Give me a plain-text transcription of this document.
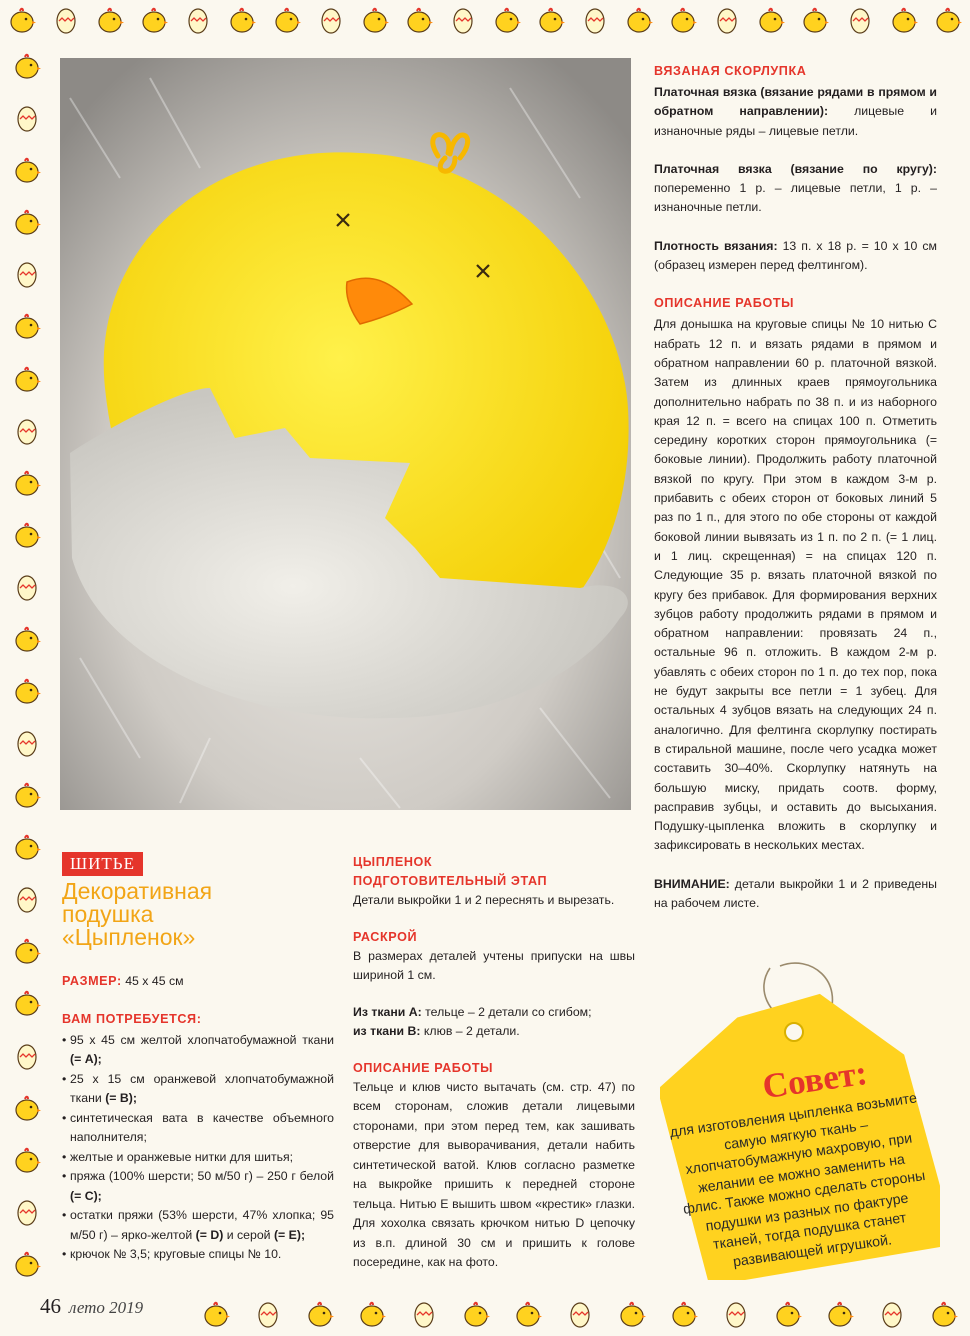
ВЯЗАНАЯ СКОРЛУПКА

Платочная вязка (вязание рядами в прямом и обратном направлении): лицевые и изнаночные ряды – лицевые петли.

Платочная вязка (вязание по кругу): попеременно 1 р. – лицевые петли, 1 р. – изнаночные петли.

Плотность вязания: 13 п. х 18 р. = 10 х 10 см (образец измерен перед фелтингом).

ОПИСАНИЕ РАБОТЫ

Для донышка на круговые спицы № 10 нитью С набрать 12 п. и вязать рядами в прямом и обратном направлении 60 р. платочной вязкой. Затем из длинных краев прямоугольника дополнительно набрать по 38 п. и из наборного края 12 п. = всего на спицах 100 п. Отметить середину коротких сторон прямоугольника (= боковые линии). Продолжить работу платочной вязкой по кругу. При этом в каждом 3-м р. прибавить с обеих сторон от боковых линий 5 раз по 1 п., для этого по обе стороны от каждой боковой линии вывязать из 1 п. по 2 п. (= 1 лиц. и 1 лиц. скрещенная) = на спицах 120 п. Следующие 35 р. вязать платочной вязкой по кругу без прибавок. Для формирования верхних зубцов работу продолжить рядами в прямом и обратном направлении: провязать 24 п., остальные 96 п. отложить. В каждом 2-м р. убавлять с обеих сторон по 1 п. до тех пор, пока не будут закрыты все петли = 1 зубец. Для остальных 4 зубцов вязать на следующих 24 п. аналогично. Для фелтинга скорлупку постирать в стиральной машине, после чего усадка может составить 30–40%. Скорлупку натянуть на большую миску, придать соотв. форму, расправив зубцы, и оставить до высыхания. Подушку-цыпленка вложить в скорлупку и зафиксировать в нескольких местах.

ВНИМАНИЕ: детали выкройки 1 и 2 приведены на рабочем листе.

ШИТЬЕ
Декоративная
подушка
«Цыпленок»
РАЗМЕР: 45 х 45 см
ВАМ ПОТРЕБУЕТСЯ:
• 95 х 45 см желтой хлопчатобумажной ткани (= А);
• 25 х 15 см оранжевой хлопчатобумажной ткани (= В);
• синтетическая вата в качестве объемного наполнителя;
• желтые и оранжевые нитки для шитья;
• пряжа (100% шерсти; 50 м/50 г) – 250 г белой (= С);
• остатки пряжи (53% шерсти, 47% хлопка; 95 м/50 г) – ярко-желтой (= D) и серой (= Е);
• крючок № 3,5; круговые спицы № 10.
ЦЫПЛЕНОК
ПОДГОТОВИТЕЛЬНЫЙ ЭТАП
Детали выкройки 1 и 2 переснять и вырезать.
РАСКРОЙ
В размерах деталей учтены припуски на швы шириной 1 см.
Из ткани А: тельце – 2 детали со сгибом;
из ткани В: клюв – 2 детали.
ОПИСАНИЕ РАБОТЫ
Тельце и клюв чисто вытачать (см. стр. 47) по всем сторонам, сложив детали лицевыми сторонами, при этом перед тем, как зашивать отверстие для выворачивания, детали набить синтетической ватой. Клюв согласно разметке на выкройке пришить к передней стороне тельца. Нитью Е вышить швом «крестик» глазки. Для хохолка связать крючком нитью D цепочку из в.п. длиной 30 см и пришить к голове посередине, как на фото.
Совет:
для изготовления цыпленка возьмите самую мягкую ткань – хлопчатобумажную махровую, при желании ее можно заменить на флис. Также можно сделать стороны подушки из разных по фактуре тканей, тогда подушка станет развивающей игрушкой.
46 лето 2019
